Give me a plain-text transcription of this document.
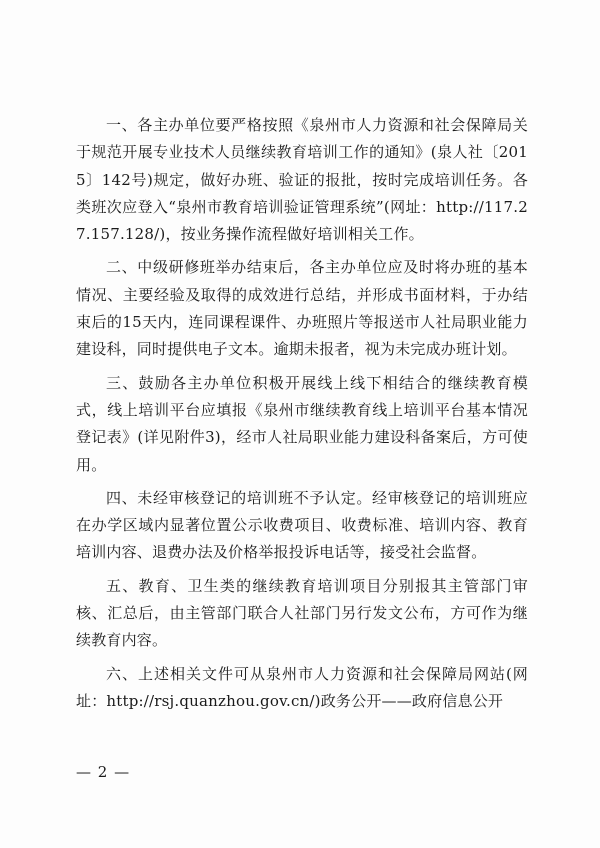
一、各主办单位要严格按照《泉州市人力资源和社会保障局关于规范开展专业技术人员继续教育培训工作的通知》(泉人社〔2015〕142号)规定，做好办班、验证的报批，按时完成培训任务。各类班次应登入“泉州市教育培训验证管理系统”(网址：http://117.27.157.128/)，按业务操作流程做好培训相关工作。

二、中级研修班举办结束后，各主办单位应及时将办班的基本情况、主要经验及取得的成效进行总结，并形成书面材料，于办结束后的15天内，连同课程课件、办班照片等报送市人社局职业能力建设科，同时提供电子文本。逾期未报者，视为未完成办班计划。

三、鼓励各主办单位积极开展线上线下相结合的继续教育模式，线上培训平台应填报《泉州市继续教育线上培训平台基本情况登记表》(详见附件3)，经市人社局职业能力建设科备案后，方可使用。

四、未经审核登记的培训班不予认定。经审核登记的培训班应在办学区域内显著位置公示收费项目、收费标准、培训内容、教育培训内容、退费办法及价格举报投诉电话等，接受社会监督。

五、教育、卫生类的继续教育培训项目分别报其主管部门审核、汇总后，由主管部门联合人社部门另行发文公布，方可作为继续教育内容。

六、上述相关文件可从泉州市人力资源和社会保障局网站(网址：http://rsj.quanzhou.gov.cn/)政务公开——政府信息公开

— 2 —
